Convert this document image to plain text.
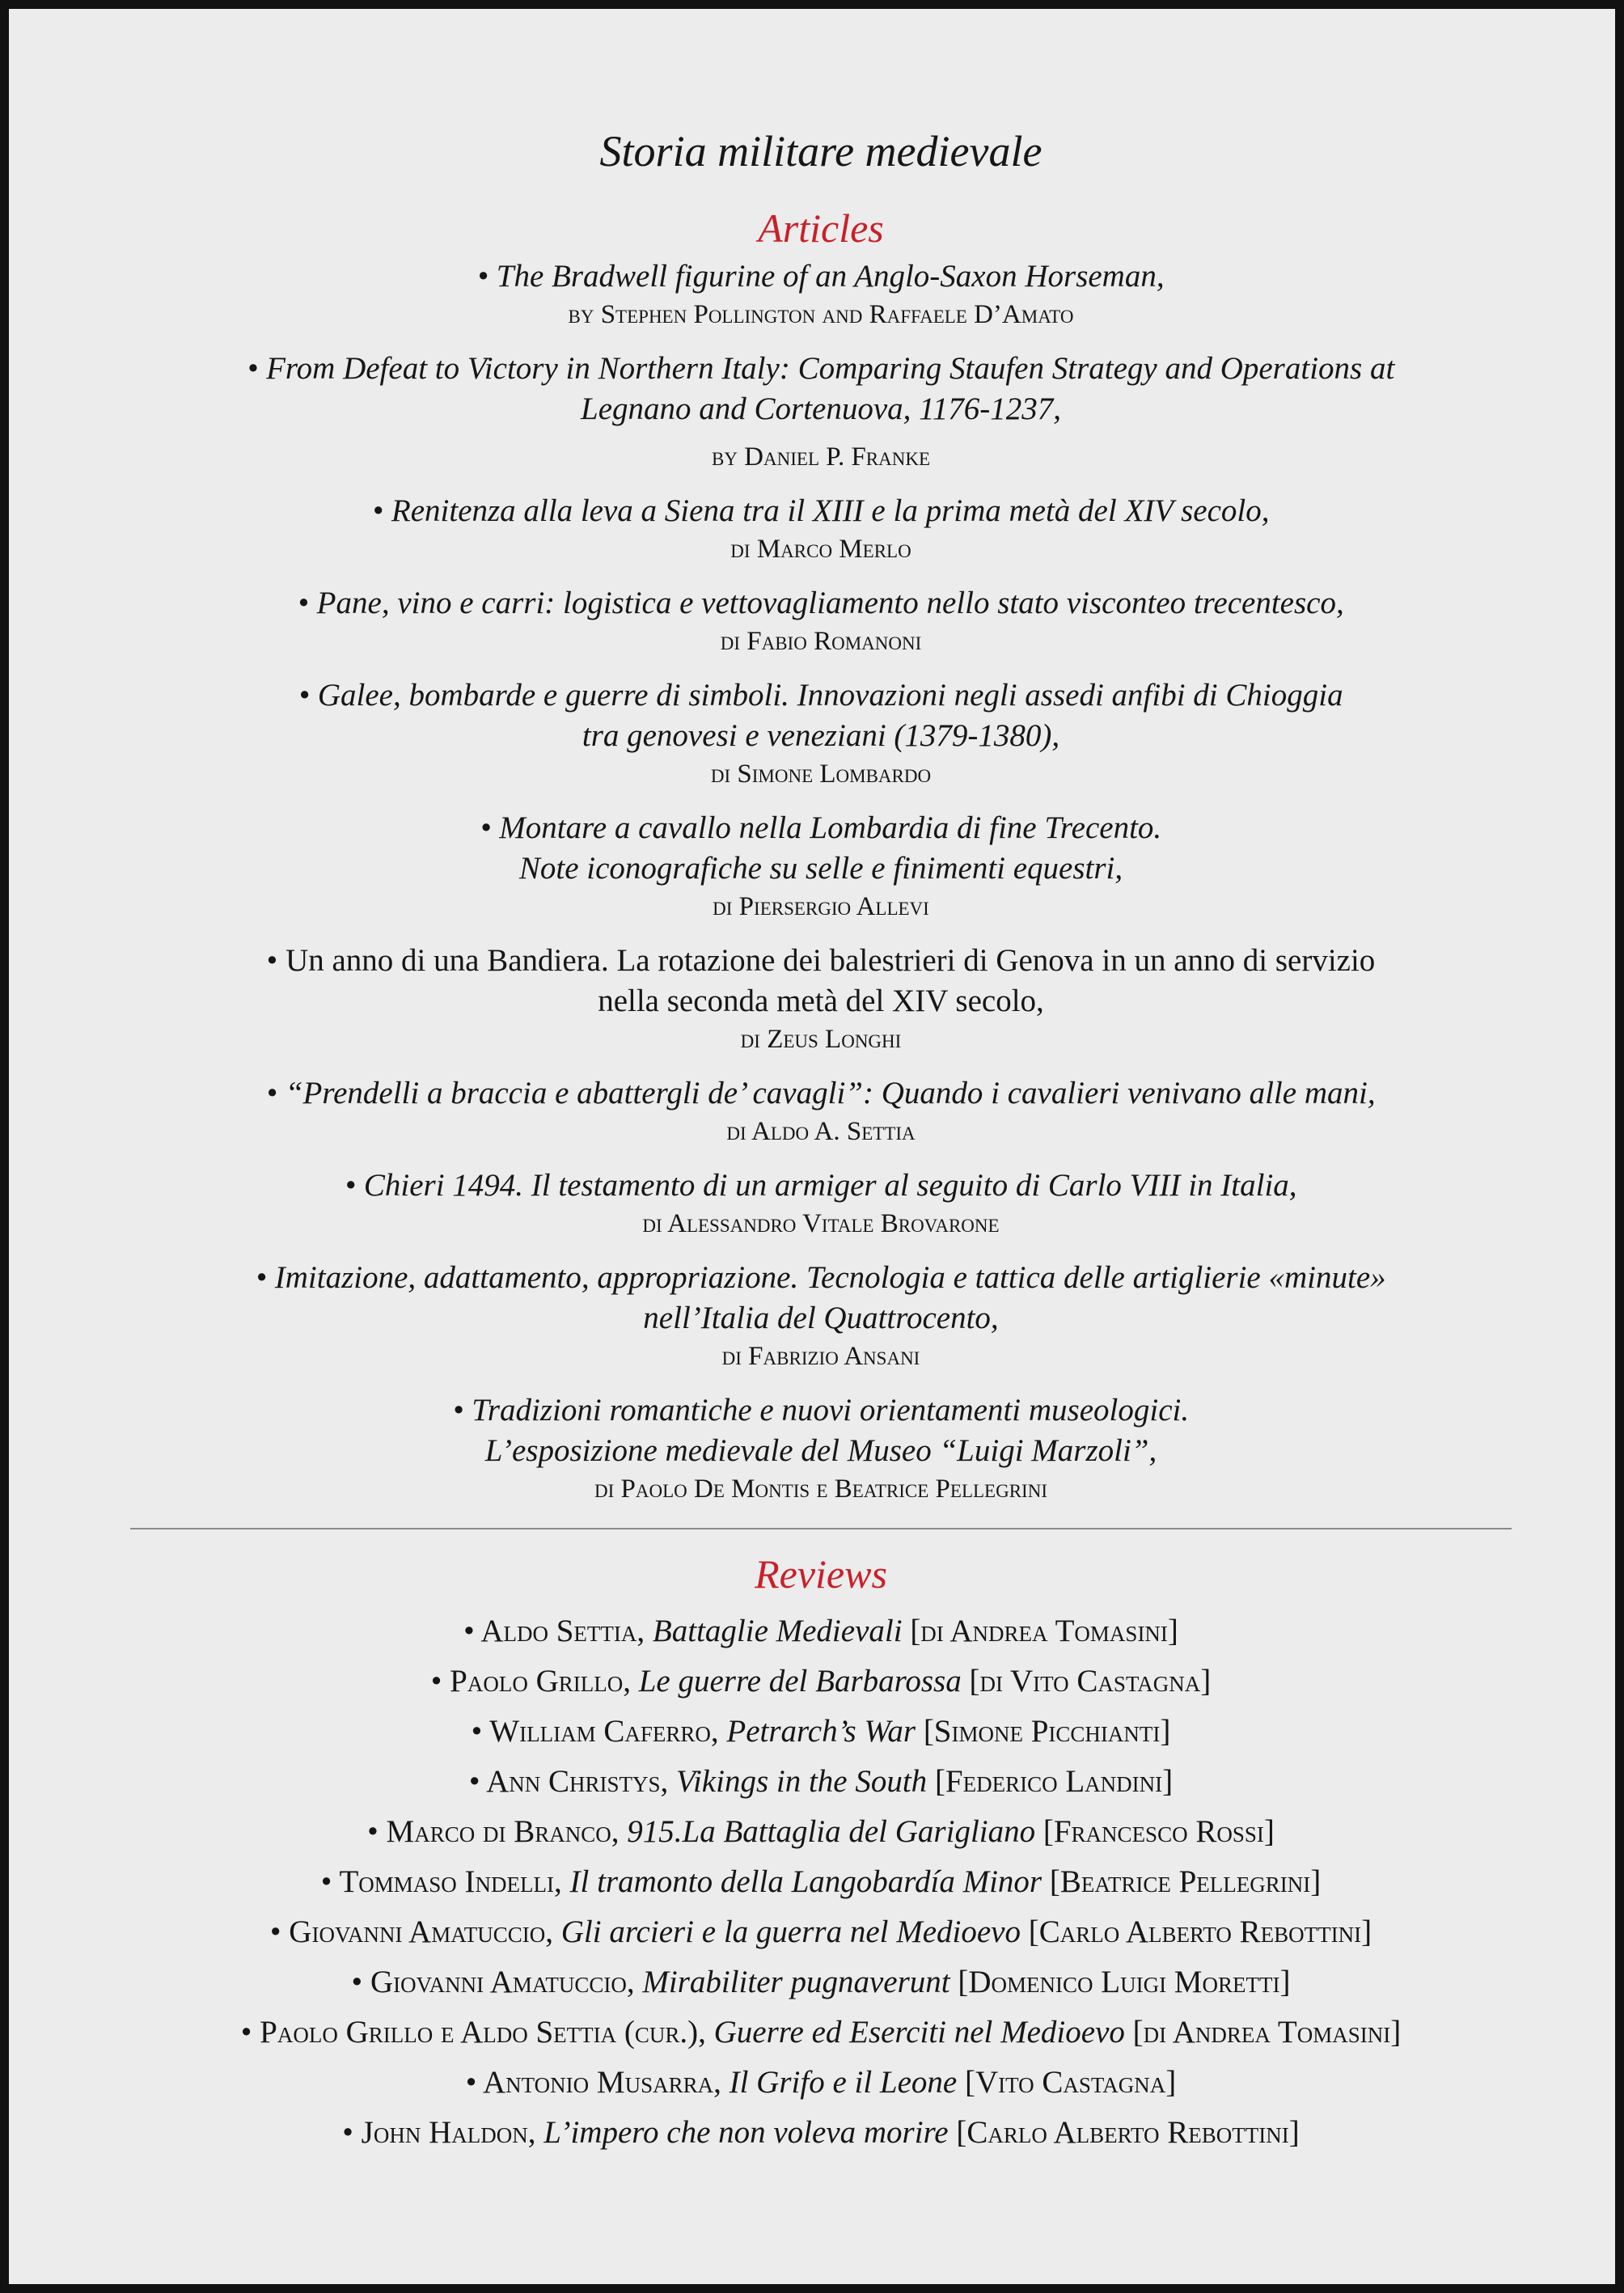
Storia militare medievale
Articles
• The Bradwell figurine of an Anglo-Saxon Horseman,
by Stephen Pollington and Raffaele D’Amato
• From Defeat to Victory in Northern Italy: Comparing Staufen Strategy and Operations at
Legnano and Cortenuova, 1176-1237,
by Daniel P. Franke
• Renitenza alla leva a Siena tra il XIII e la prima metà del XIV secolo,
di Marco Merlo
• Pane, vino e carri: logistica e vettovagliamento nello stato visconteo trecentesco,
di Fabio Romanoni
• Galee, bombarde e guerre di simboli. Innovazioni negli assedi anfibi di Chioggia
tra genovesi e veneziani (1379-1380),
di Simone Lombardo
• Montare a cavallo nella Lombardia di fine Trecento.
Note iconografiche su selle e finimenti equestri,
di Piersergio Allevi
• Un anno di una Bandiera. La rotazione dei balestrieri di Genova in un anno di servizio
nella seconda metà del XIV secolo,
di Zeus Longhi
• “Prendelli a braccia e abattergli de’ cavagli”: Quando i cavalieri venivano alle mani,
di Aldo A. Settia
• Chieri 1494. Il testamento di un armiger al seguito di Carlo VIII in Italia,
di Alessandro Vitale Brovarone
• Imitazione, adattamento, appropriazione. Tecnologia e tattica delle artiglierie «minute»
nell’Italia del Quattrocento,
di Fabrizio Ansani
• Tradizioni romantiche e nuovi orientamenti museologici.
L’esposizione medievale del Museo “Luigi Marzoli”,
di Paolo De Montis e Beatrice Pellegrini
Reviews
• Aldo Settia, Battaglie Medievali [di Andrea Tomasini]
• Paolo Grillo, Le guerre del Barbarossa [di Vito Castagna]
• William Caferro, Petrarch’s War [Simone Picchianti]
• Ann Christys, Vikings in the South [Federico Landini]
• Marco di Branco, 915.La Battaglia del Garigliano [Francesco Rossi]
• Tommaso Indelli, Il tramonto della Langobardía Minor [Beatrice Pellegrini]
• Giovanni Amatuccio, Gli arcieri e la guerra nel Medioevo [Carlo Alberto Rebottini]
• Giovanni Amatuccio, Mirabiliter pugnaverunt [Domenico Luigi Moretti]
• Paolo Grillo e Aldo Settia (cur.), Guerre ed Eserciti nel Medioevo [di Andrea Tomasini]
• Antonio Musarra, Il Grifo e il Leone [Vito Castagna]
• John Haldon, L’impero che non voleva morire [Carlo Alberto Rebottini]
